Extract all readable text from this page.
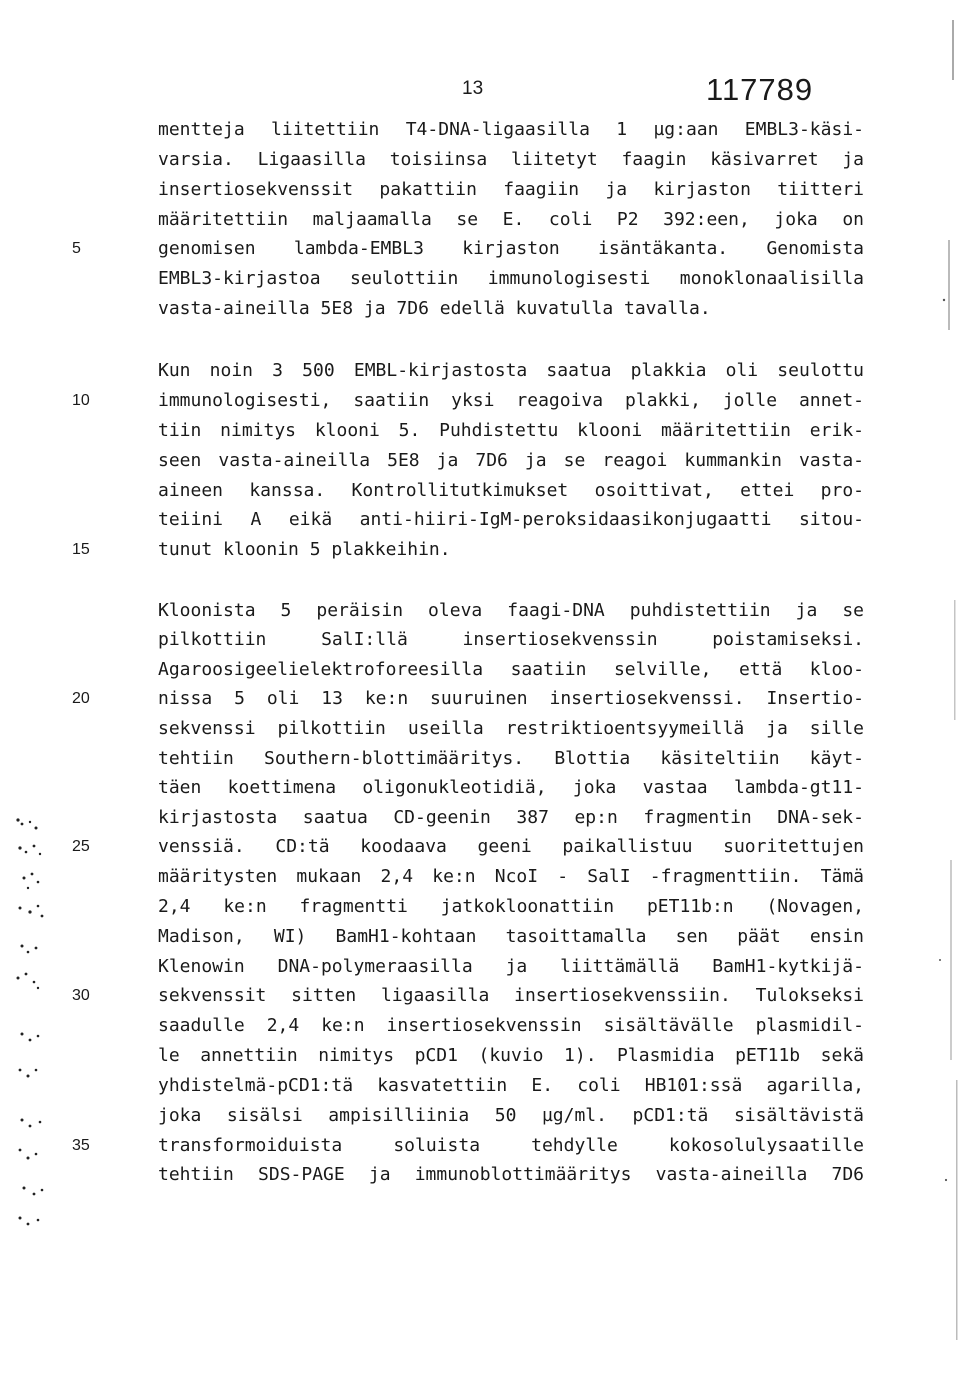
13	117789
5
10
15
20
25
30
35
mentteja liitettiin T4-DNA-ligaasilla 1 µg:aan EMBL3-käsi-
varsia. Ligaasilla toisiinsa liitetyt faagin käsivarret ja
insertiosekvenssit pakattiin faagiin ja kirjaston tiitteri
määritettiin maljaamalla se E. coli P2 392:een, joka on
genomisen lambda-EMBL3 kirjaston isäntäkanta. Genomista
EMBL3-kirjastoa seulottiin immunologisesti monoklonaalisilla
vasta-aineilla 5E8 ja 7D6 edellä kuvatulla tavalla.
Kun noin 3 500 EMBL-kirjastosta saatua plakkia oli seulottu
immunologisesti, saatiin yksi reagoiva plakki, jolle annet-
tiin nimitys klooni 5. Puhdistettu klooni määritettiin erik-
seen vasta-aineilla 5E8 ja 7D6 ja se reagoi kummankin vasta-
aineen kanssa. Kontrollitutkimukset osoittivat, ettei pro-
teiini A eikä anti-hiiri-IgM-peroksidaasikonjugaatti sitou-
tunut kloonin 5 plakkeihin.
Kloonista 5 peräisin oleva faagi-DNA puhdistettiin ja se
pilkottiin SalI:llä insertiosekvenssin poistamiseksi.
Agaroosigeelielektroforeesilla saatiin selville, että kloo-
nissa 5 oli 13 ke:n suuruinen insertiosekvenssi. Insertio-
sekvenssi pilkottiin useilla restriktioentsyymeillä ja sille
tehtiin Southern-blottimääritys. Blottia käsiteltiin käyt-
täen koettimena oligonukleotidiä, joka vastaa lambda-gt11-
kirjastosta saatua CD-geenin 387 ep:n fragmentin DNA-sek-
venssiä. CD:tä koodaava geeni paikallistuu suoritettujen
määritysten mukaan 2,4 ke:n NcoI - SalI -fragmenttiin. Tämä
2,4 ke:n fragmentti jatkokloonattiin pET11b:n (Novagen,
Madison, WI) BamH1-kohtaan tasoittamalla sen päät ensin
Klenowin DNA-polymeraasilla ja liittämällä BamH1-kytkijä-
sekvenssit sitten ligaasilla insertiosekvenssiin. Tulokseksi
saadulle 2,4 ke:n insertiosekvenssin sisältävälle plasmidil-
le annettiin nimitys pCD1 (kuvio 1). Plasmidia pET11b sekä
yhdistelmä-pCD1:tä kasvatettiin E. coli HB101:ssä agarilla,
joka sisälsi ampisilliinia 50 µg/ml. pCD1:tä sisältävistä
transformoiduista soluista tehdylle kokosolulysaatille
tehtiin SDS-PAGE ja immunoblottimääritys vasta-aineilla 7D6
